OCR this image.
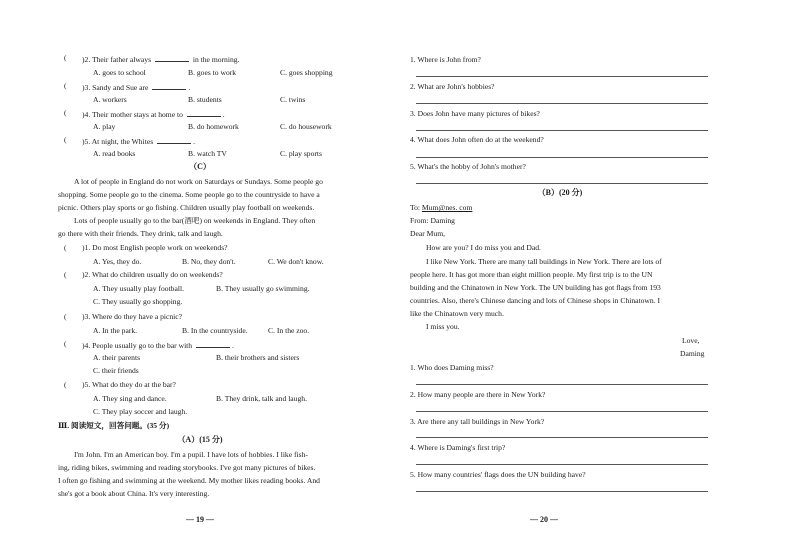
( )2. Their father always	in the morning.
A. goes to school	B. goes to work	C. goes shopping
( )3. Sandy and Sue are	.
A. workers	B. students	C. twins
( )4. Their mother stays at home to	.
A. play	B. do homework	C. do housework
( )5. At night, the Whites	.
A. read books	B. watch TV	C. play sports
（C）
A lot of people in England do not work on Saturdays or Sundays. Some people go
shopping. Some people go to the cinema. Some people go to the countryside to have a
picnic. Others play sports or go fishing. Children usually play football on weekends.
Lots of people usually go to the bar(酒吧) on weekends in England. They often
go there with their friends. They drink, talk and laugh.
( )1. Do most English people work on weekends?
A. Yes, they do.	B. No, they don't.	C. We don't know.
( )2. What do children usually do on weekends?
A. They usually play football.	B. They usually go swimming.
C. They usually go shopping.
( )3. Where do they have a picnic?
A. In the park.	B. In the countryside.	C. In the zoo.
( )4. People usually go to the bar with	.
A. their parents	B. their brothers and sisters
C. their friends
( )5. What do they do at the bar?
A. They sing and dance.	B. They drink, talk and laugh.
C. They play soccer and laugh.
Ⅲ. 阅读短文，回答问题。(35 分)
（A）(15 分)
I'm John. I'm an American boy. I'm a pupil. I have lots of hobbies. I like fish-
ing, riding bikes, swimming and reading storybooks. I've got many pictures of bikes.
I often go fishing and swimming at the weekend. My mother likes reading books. And
she's got a book about China. It's very interesting.
— 19 —
1. Where is John from?
2. What are John's hobbies?
3. Does John have many pictures of bikes?
4. What does John often do at the weekend?
5. What's the hobby of John's mother?
（B）(20 分)
To: Mum@nes. com
From: Daming
Dear Mum,
How are you? I do miss you and Dad.
I like New York. There are many tall buildings in New York. There are lots of
people here. It has got more than eight million people. My first trip is to the UN
building and the Chinatown in New York. The UN building has got flags from 193
countries. Also, there's Chinese dancing and lots of Chinese shops in Chinatown. I
like the Chinatown very much.
I miss you.
Love,
Daming
1. Who does Daming miss?
2. How many people are there in New York?
3. Are there any tall buildings in New York?
4. Where is Daming's first trip?
5. How many countries' flags does the UN building have?
— 20 —
